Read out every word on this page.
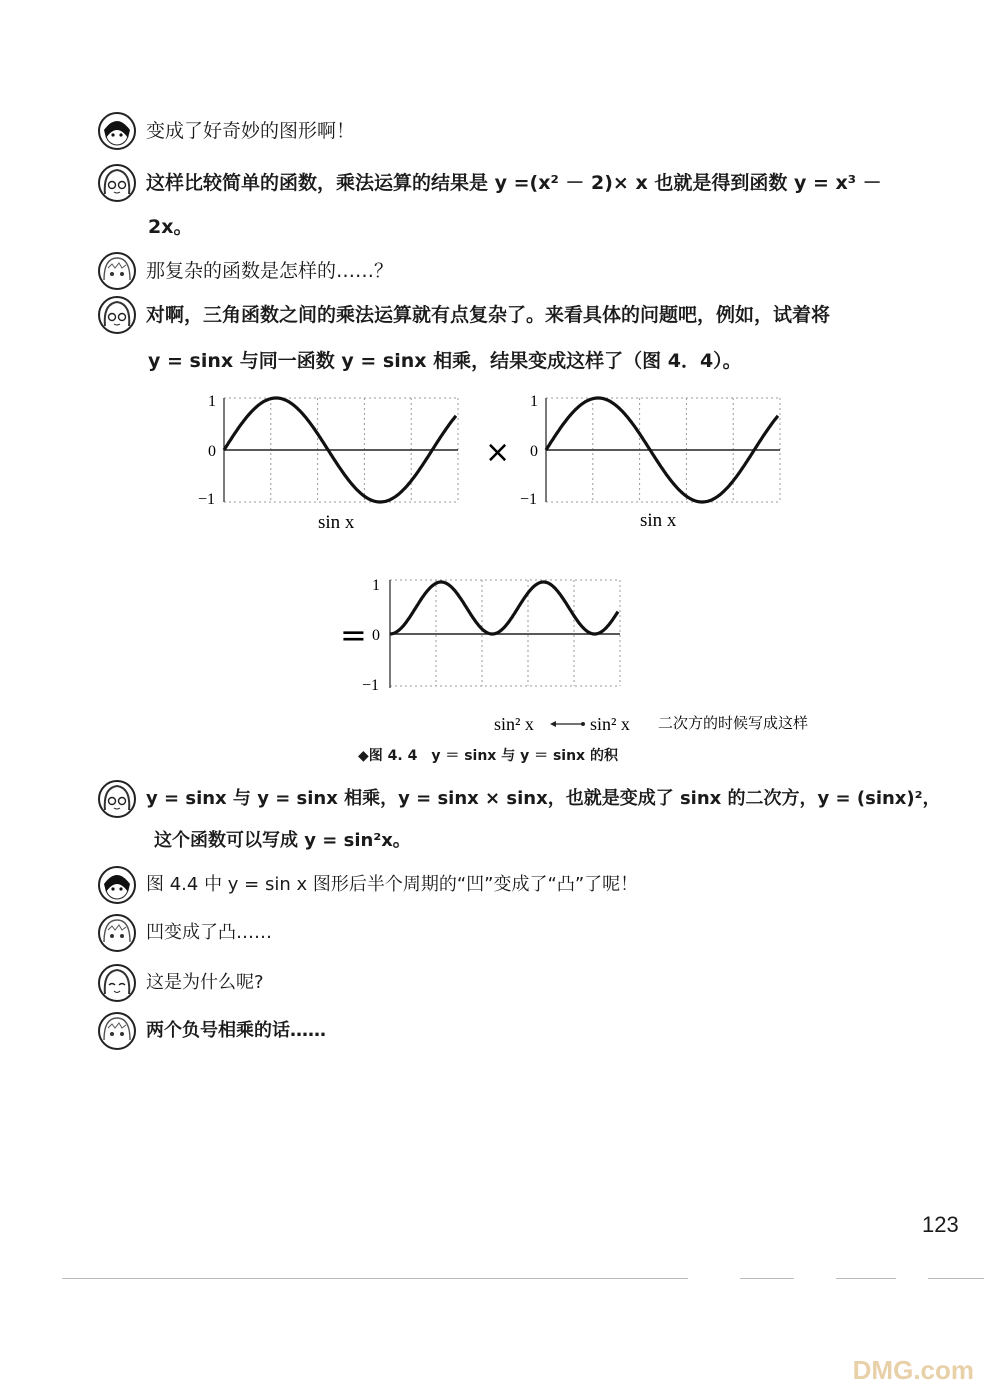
变成了好奇妙的图形啊！
这样比较简单的函数，乘法运算的结果是 y =(x² － 2)× x 也就是得到函数 y = x³ －
2x。
那复杂的函数是怎样的……？
对啊，三角函数之间的乘法运算就有点复杂了。来看具体的问题吧，例如，试着将
y = sinx 与同一函数 y = sinx 相乘，结果变成这样了（图 4．4）。
1
0
−1
sin x
×
1
0
−1
sin x
=
1
0
−1
sin² x	sin² x 二次方的时候写成这样
◆图 4. 4　y ＝ sinx 与 y ＝ sinx 的积
y = sinx 与 y = sinx 相乘，y = sinx × sinx，也就是变成了 sinx 的二次方，y = (sinx)²，
这个函数可以写成 y = sin²x。
图 4.4 中 y = sin x 图形后半个周期的“凹”变成了“凸”了呢！
凹变成了凸……
这是为什么呢?
两个负号相乘的话……
123
DMG.com
